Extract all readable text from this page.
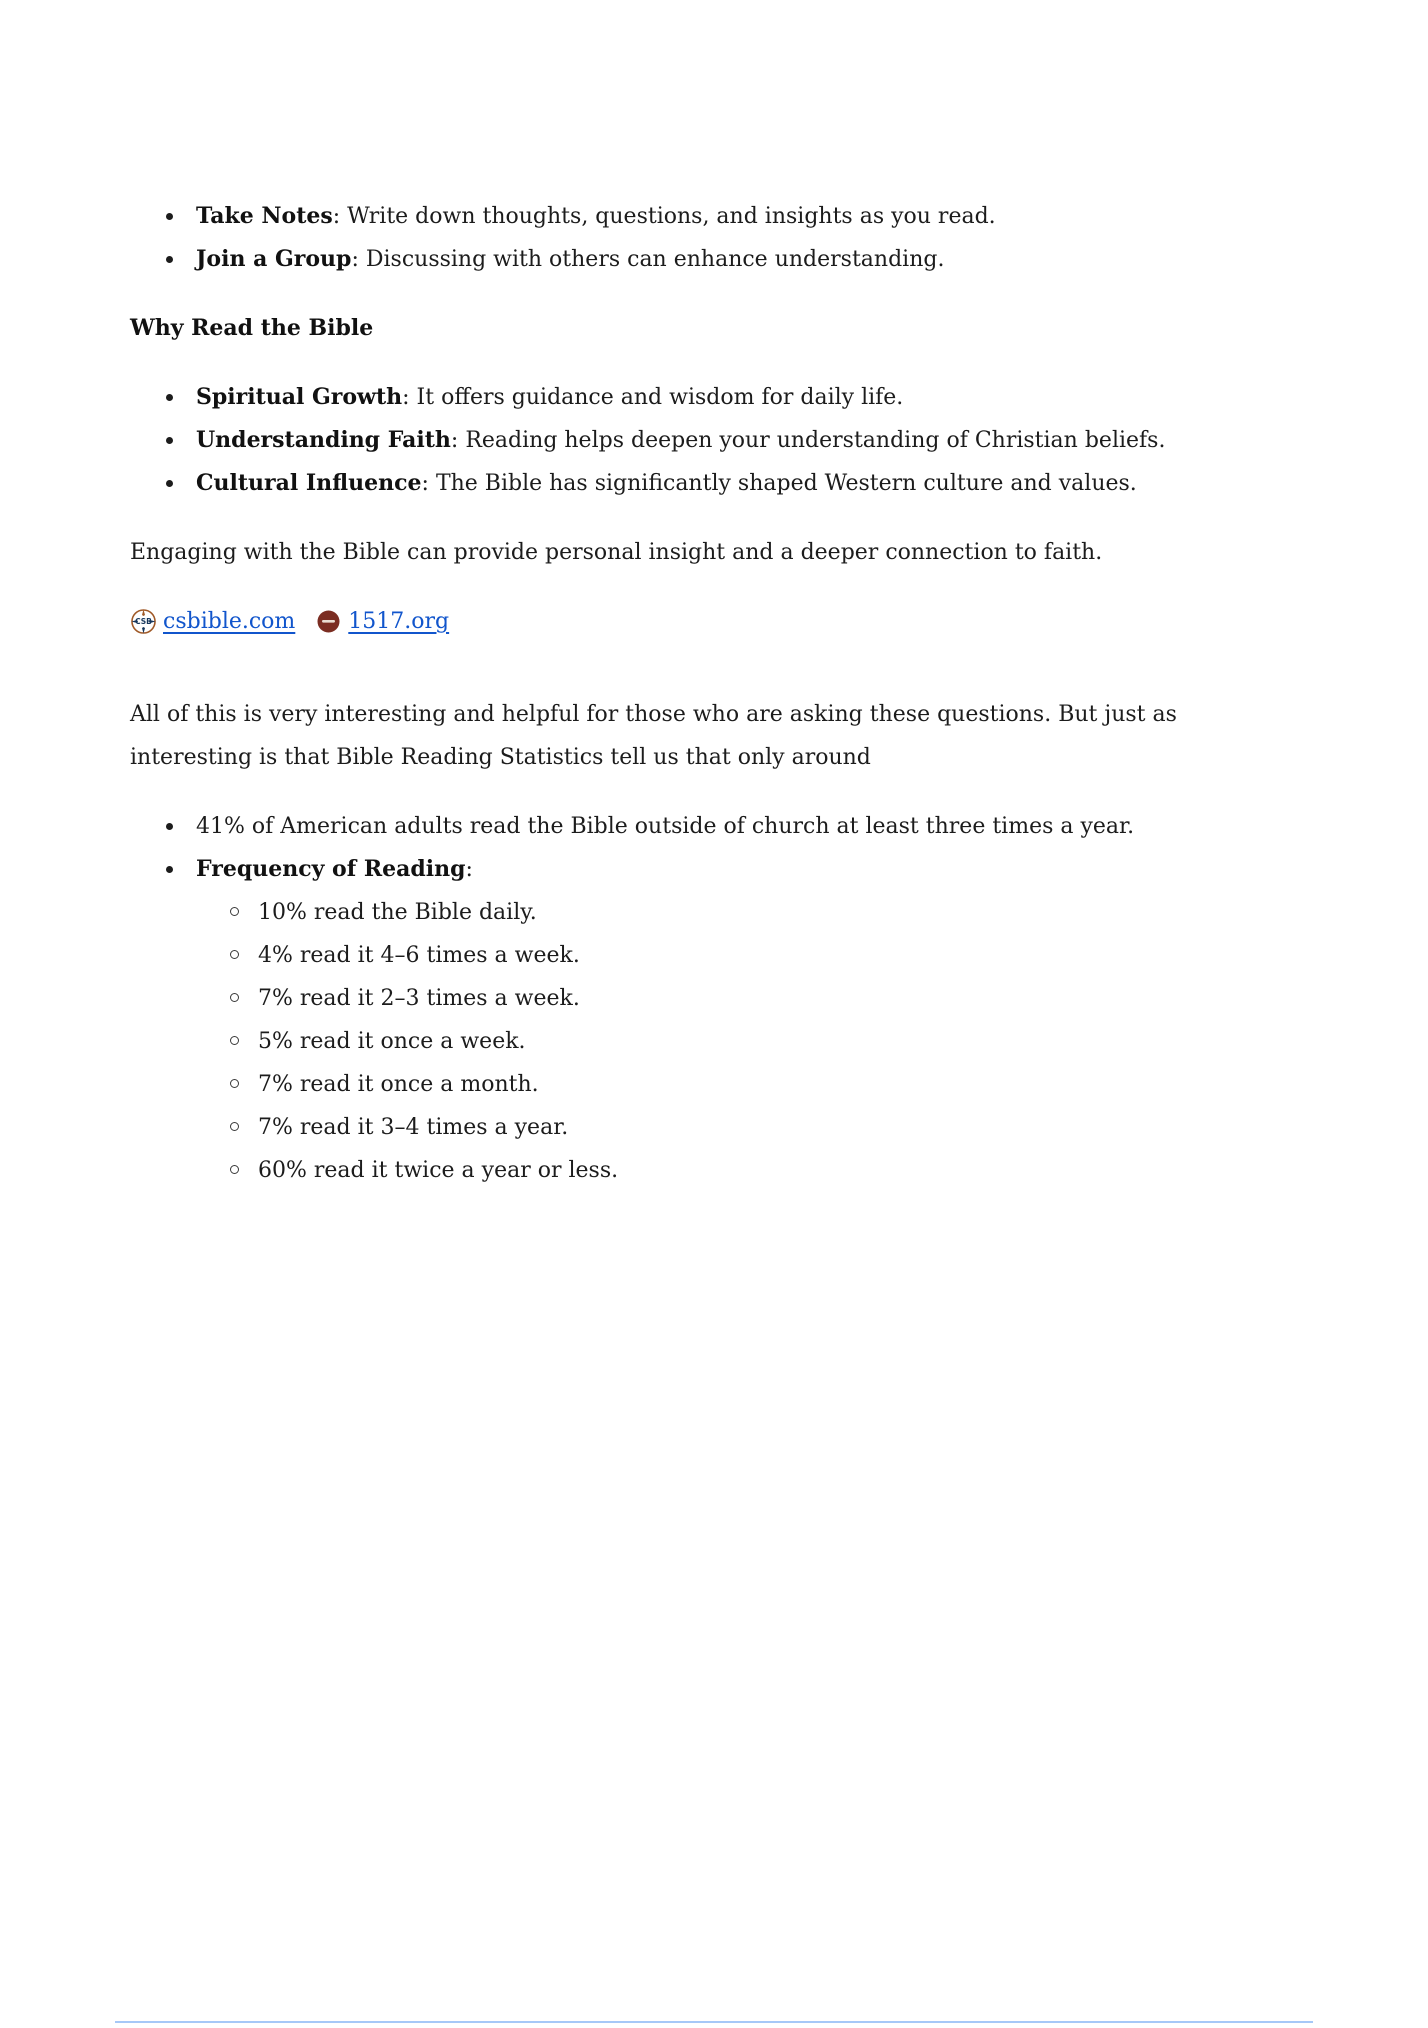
Take Notes: Write down thoughts, questions, and insights as you read.
Join a Group: Discussing with others can enhance understanding.
Why Read the Bible
Spiritual Growth: It offers guidance and wisdom for daily life.
Understanding Faith: Reading helps deepen your understanding of Christian beliefs.
Cultural Influence: The Bible has significantly shaped Western culture and values.

Engaging with the Bible can provide personal insight and a deeper connection to faith.

CSB csbible.com 1517.org

All of this is very interesting and helpful for those who are asking these questions. But just as interesting is that Bible Reading Statistics tell us that only around

41% of American adults read the Bible outside of church at least three times a year.
Frequency of Reading:
10% read the Bible daily.
4% read it 4–6 times a week.
7% read it 2–3 times a week.
5% read it once a week.
7% read it once a month.
7% read it 3–4 times a year.
60% read it twice a year or less.
